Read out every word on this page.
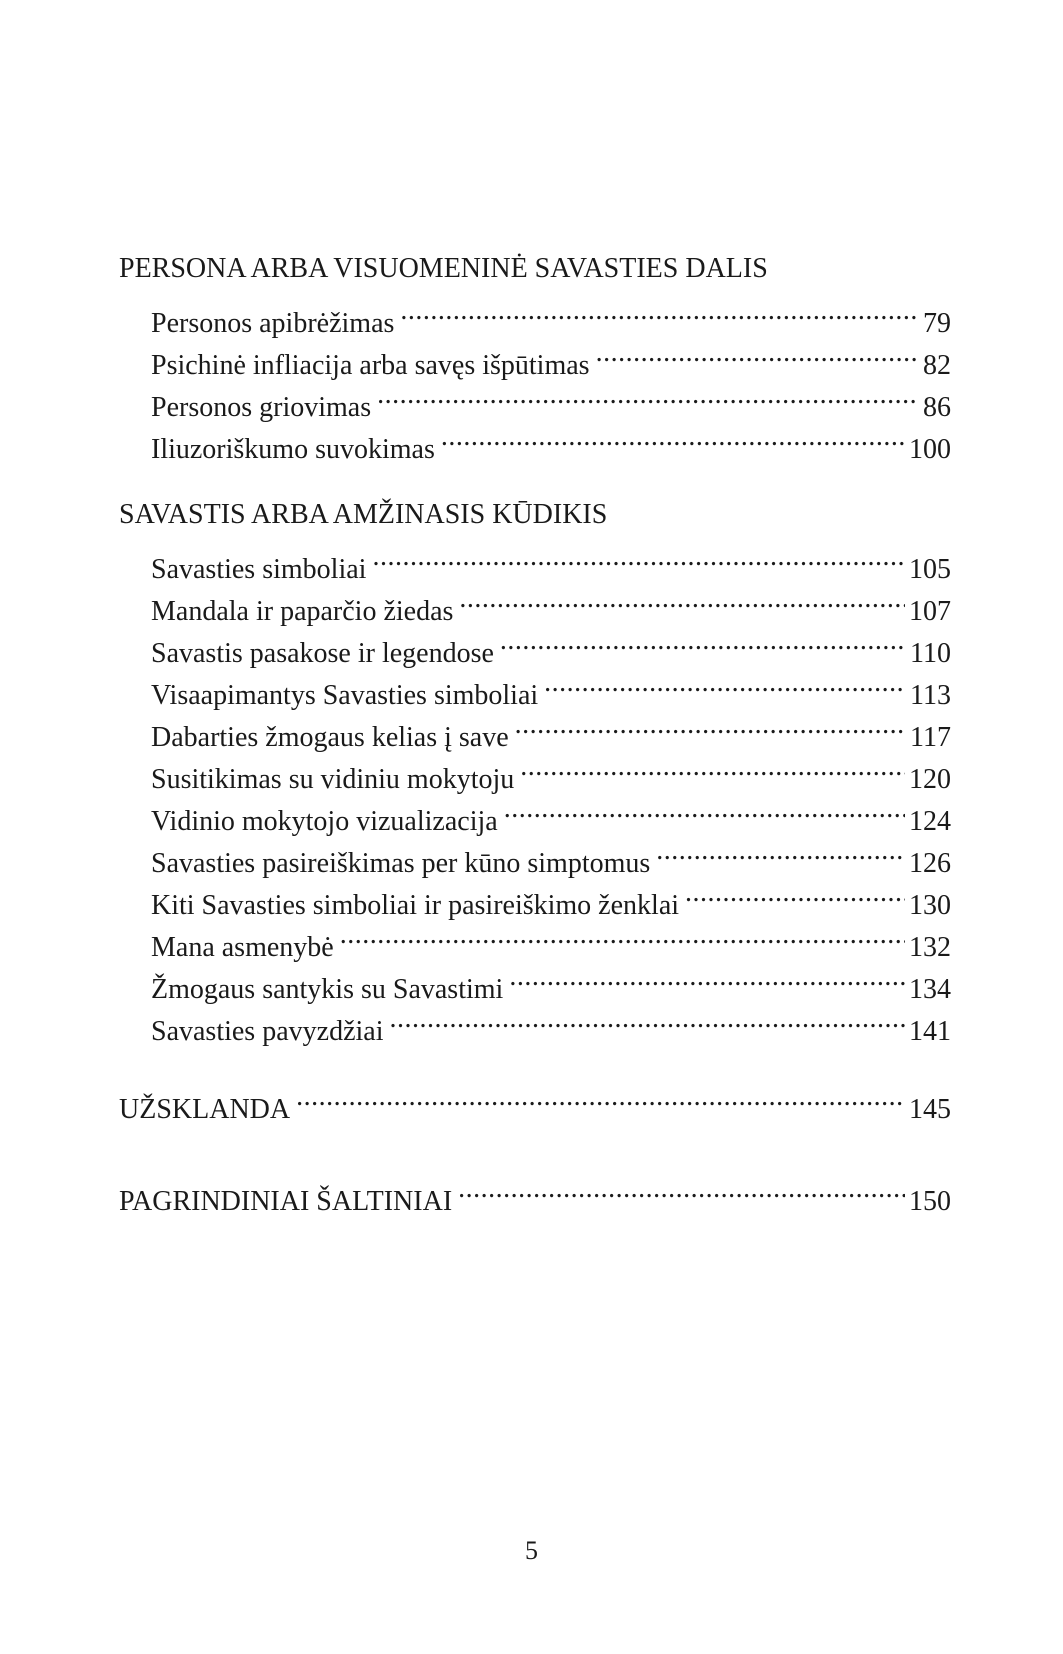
PERSONA ARBA VISUOMENINĖ SAVASTIES DALIS
Personos apibrėžimas .....	79
Psichinė infliacija arba savęs išpūtimas .....	82
Personos griovimas .....	86
Iliuzoriškumo suvokimas .....	100
SAVASTIS ARBA AMŽINASIS KŪDIKIS
Savasties simboliai .....	105
Mandala ir paparčio žiedas .....	107
Savastis pasakose ir legendose .....	110
Visaapimantys Savasties simboliai .....	113
Dabarties žmogaus kelias į save .....	117
Susitikimas su vidiniu mokytoju .....	120
Vidinio mokytojo vizualizacija .....	124
Savasties pasireiškimas per kūno simptomus .....	126
Kiti Savasties simboliai ir pasireiškimo ženklai .....	130
Mana asmenybė .....	132
Žmogaus santykis su Savastimi .....	134
Savasties pavyzdžiai .....	141
UŽSKLANDA .....	145
PAGRINDINIAI ŠALTINIAI .....	150
5
